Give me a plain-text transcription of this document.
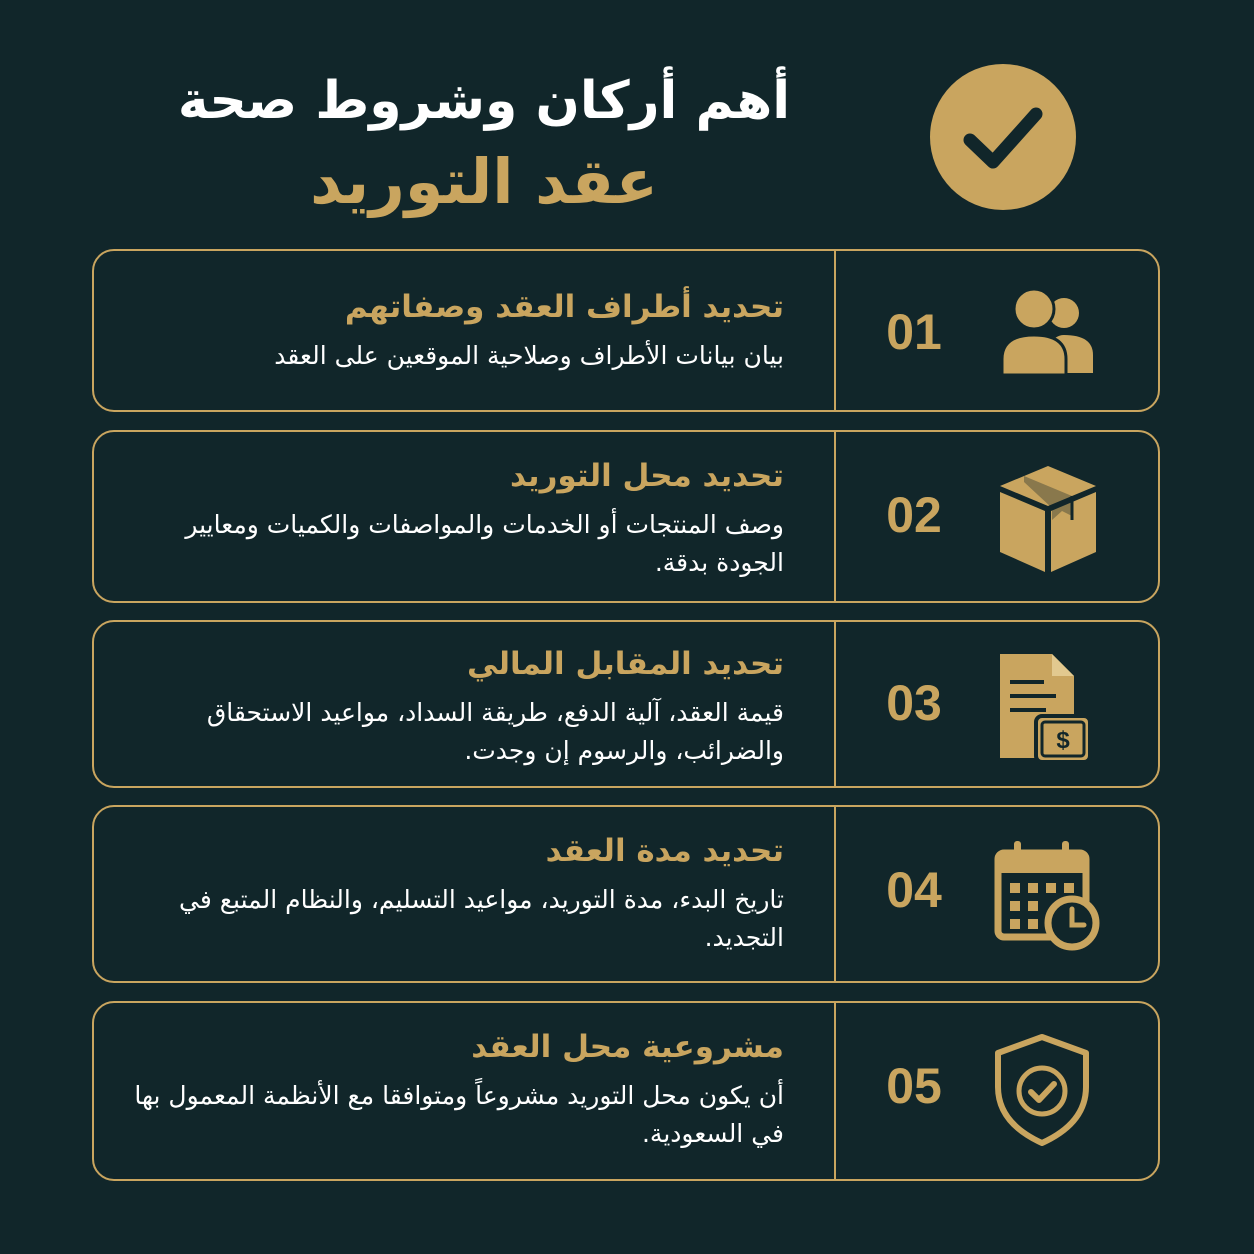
أهم أركان وشروط صحة
عقد التوريد
01
تحديد أطراف العقد وصفاتهم
بيان بيانات الأطراف وصلاحية الموقعين على العقد
02
تحديد محل التوريد
وصف المنتجات أو الخدمات والمواصفات والكميات ومعايير الجودة بدقة.
03
$
تحديد المقابل المالي
قيمة العقد، آلية الدفع، طريقة السداد، مواعيد الاستحقاق والضرائب، والرسوم إن وجدت.
04
تحديد مدة العقد
تاريخ البدء، مدة التوريد، مواعيد التسليم، والنظام المتبع في التجديد.
05
مشروعية محل العقد
أن يكون محل التوريد مشروعاً ومتوافقا مع الأنظمة المعمول بها في السعودية.
